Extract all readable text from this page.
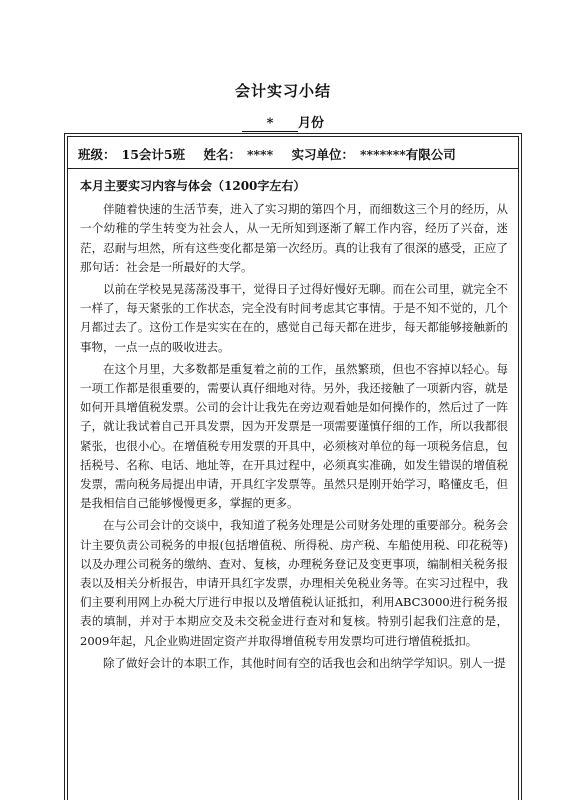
会计实习小结
* 月份
班级： 15会计5班 姓名： **** 实习单位： *******有限公司
本月主要实习内容与体会（1200字左右）

伴随着快速的生活节奏，进入了实习期的第四个月，而细数这三个月的经历，从一个幼稚的学生转变为社会人，从一无所知到逐渐了解工作内容，经历了兴奋，迷茫，忍耐与坦然，所有这些变化都是第一次经历。真的让我有了很深的感受，正应了那句话：社会是一所最好的大学。

以前在学校晃晃荡荡没事干，觉得日子过得好慢好无聊。而在公司里，就完全不一样了，每天紧张的工作状态，完全没有时间考虑其它事情。于是不知不觉的，几个月都过去了。这份工作是实实在在的，感觉自己每天都在进步，每天都能够接触新的事物，一点一点的吸收进去。

在这个月里，大多数都是重复着之前的工作，虽然繁琐，但也不容掉以轻心。每一项工作都是很重要的，需要认真仔细地对待。另外，我还接触了一项新内容，就是如何开具增值税发票。公司的会计让我先在旁边观看她是如何操作的，然后过了一阵子，就让我试着自己开具发票，因为开发票是一项需要谨慎仔细的工作，所以我都很紧张，也很小心。在增值税专用发票的开具中，必须核对单位的每一项税务信息，包括税号、名称、电话、地址等，在开具过程中，必须真实准确，如发生错误的增值税发票，需向税务局提出申请，开具红字发票等。虽然只是刚开始学习，略懂皮毛，但是我相信自己能够慢慢更多，掌握的更多。

在与公司会计的交谈中，我知道了税务处理是公司财务处理的重要部分。税务会计主要负责公司税务的申报(包括增值税、所得税、房产税、车船使用税、印花税等)以及办理公司税务的缴纳、查对、复核，办理税务登记及变更事项，编制相关税务报表以及相关分析报告，申请开具红字发票，办理相关免税业务等。在实习过程中，我们主要利用网上办税大厅进行申报以及增值税认证抵扣，利用ABC3000进行税务报表的填制，并对于本期应交及未交税金进行查对和复核。特别引起我们注意的是，2009年起，凡企业购进固定资产并取得增值税专用发票均可进行增值税抵扣。

除了做好会计的本职工作，其他时间有空的话我也会和出纳学学知识。别人一提
